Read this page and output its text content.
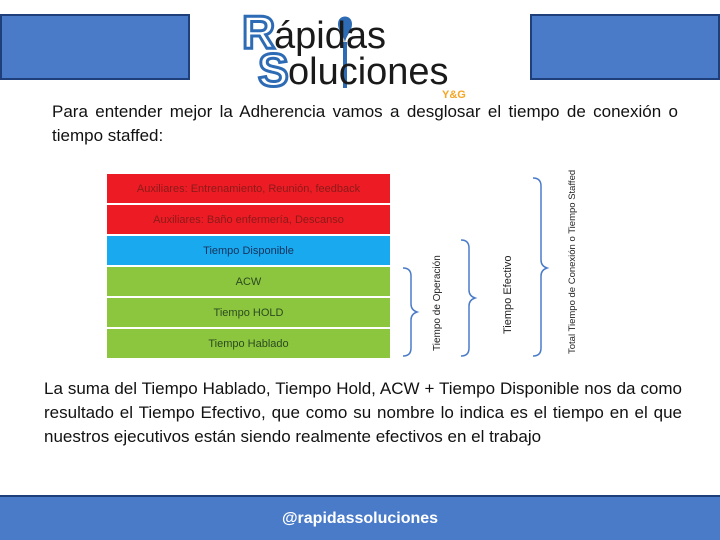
R
ápidas
S oluciones
Y&G

Para entender mejor la Adherencia vamos a desglosar el tiempo de conexión o tiempo staffed:

Auxiliares: Entrenamiento, Reunión, feedback
Auxiliares: Baño enfermería, Descanso
Tiempo Disponible
ACW
Tiempo HOLD
Tiempo Hablado	Tiempo de Operación	Tiempo Efectivo	Total Tiempo de Conexión o Tiempo Staffed

La suma del Tiempo Hablado, Tiempo Hold, ACW + Tiempo Disponible nos da como resultado el Tiempo Efectivo, que como su nombre lo indica es el tiempo en el que nuestros ejecutivos están siendo realmente efectivos en el trabajo

@rapidassoluciones
